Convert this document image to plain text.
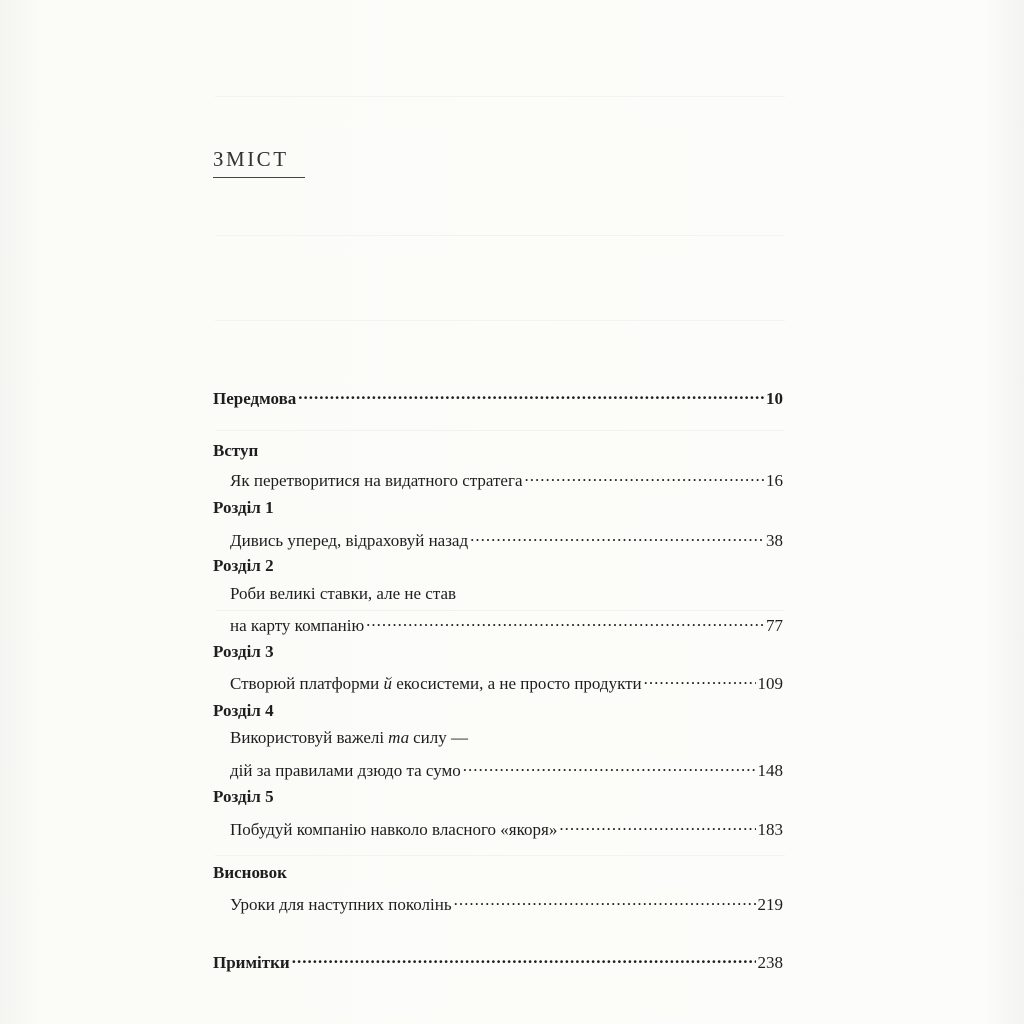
ЗМІСТ
Передмова .....	10
Вступ
Як перетворитися на видатного стратега .....	16
Розділ 1
Дивись уперед, відраховуй назад .....	38
Розділ 2
Роби великі ставки, але не став
на карту компанію .....	77
Розділ 3
Створюй платформи й екосистеми, а не просто продукти .....	109
Розділ 4
Використовуй важелі та силу —
дій за правилами дзюдо та сумо .....	148
Розділ 5
Побудуй компанію навколо власного «якоря» .....	183
Висновок
Уроки для наступних поколінь .....	219
Примітки .....	238
